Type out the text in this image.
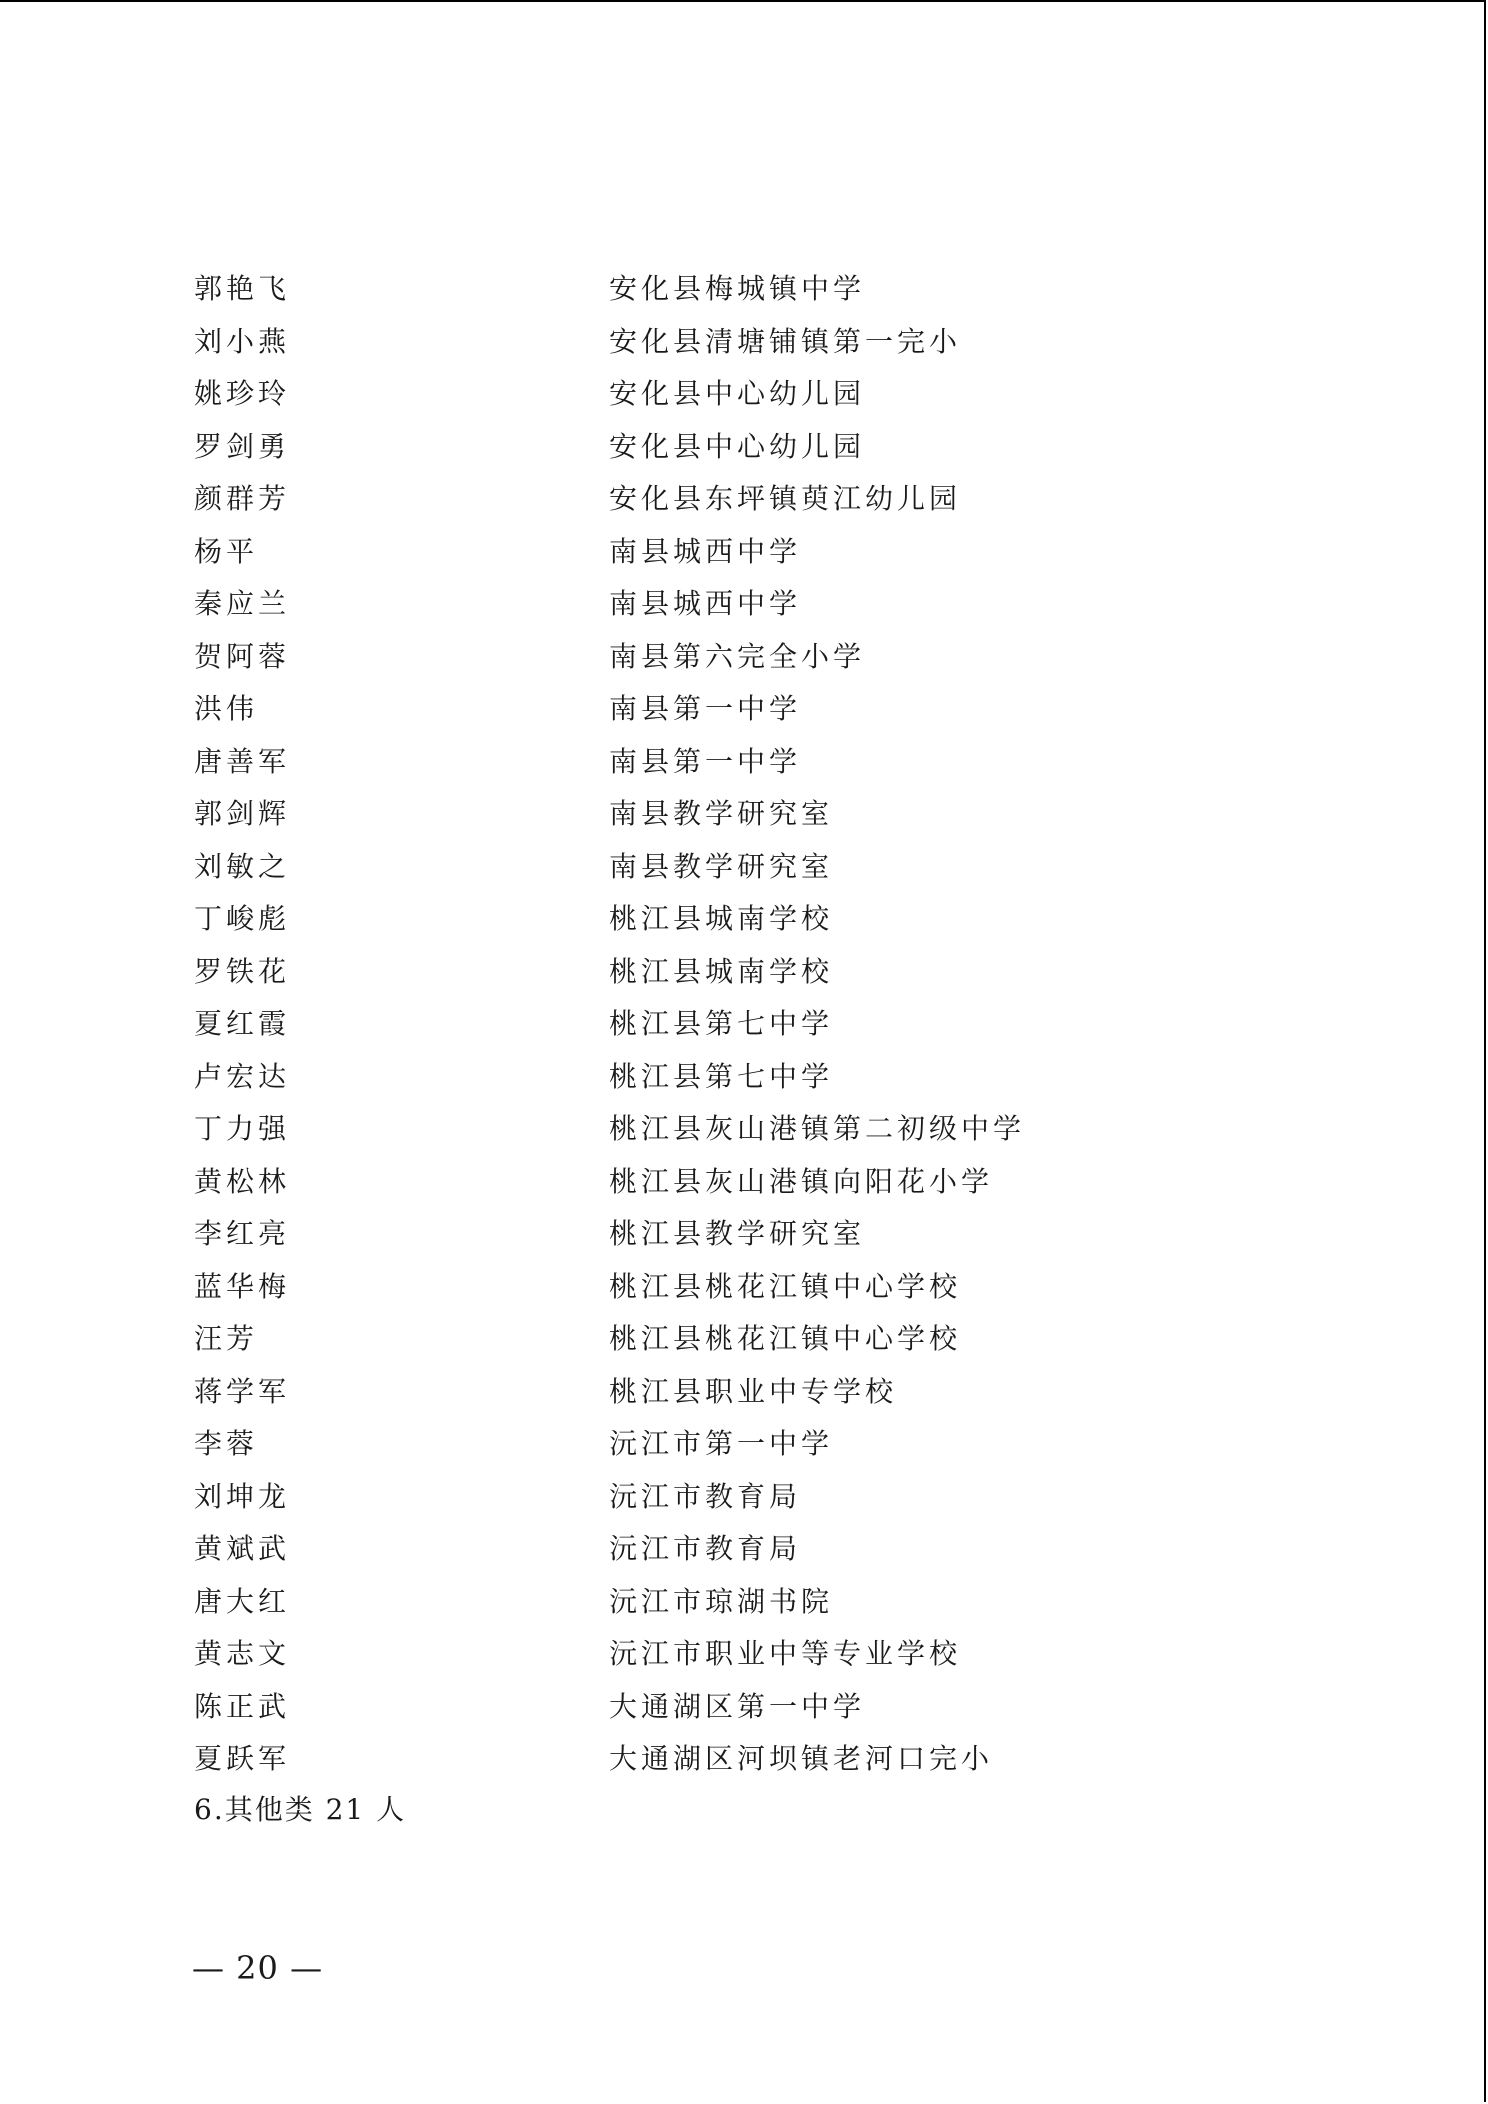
郭艳飞	安化县梅城镇中学
刘小燕	安化县清塘铺镇第一完小
姚珍玲	安化县中心幼儿园
罗剑勇	安化县中心幼儿园
颜群芳	安化县东坪镇萸江幼儿园
杨平	南县城西中学
秦应兰	南县城西中学
贺阿蓉	南县第六完全小学
洪伟	南县第一中学
唐善军	南县第一中学
郭剑辉	南县教学研究室
刘敏之	南县教学研究室
丁峻彪	桃江县城南学校
罗铁花	桃江县城南学校
夏红霞	桃江县第七中学
卢宏达	桃江县第七中学
丁力强	桃江县灰山港镇第二初级中学
黄松林	桃江县灰山港镇向阳花小学
李红亮	桃江县教学研究室
蓝华梅	桃江县桃花江镇中心学校
汪芳	桃江县桃花江镇中心学校
蒋学军	桃江县职业中专学校
李蓉	沅江市第一中学
刘坤龙	沅江市教育局
黄斌武	沅江市教育局
唐大红	沅江市琼湖书院
黄志文	沅江市职业中等专业学校
陈正武	大通湖区第一中学
夏跃军	大通湖区河坝镇老河口完小
6.其他类 21 人
— 20 —
